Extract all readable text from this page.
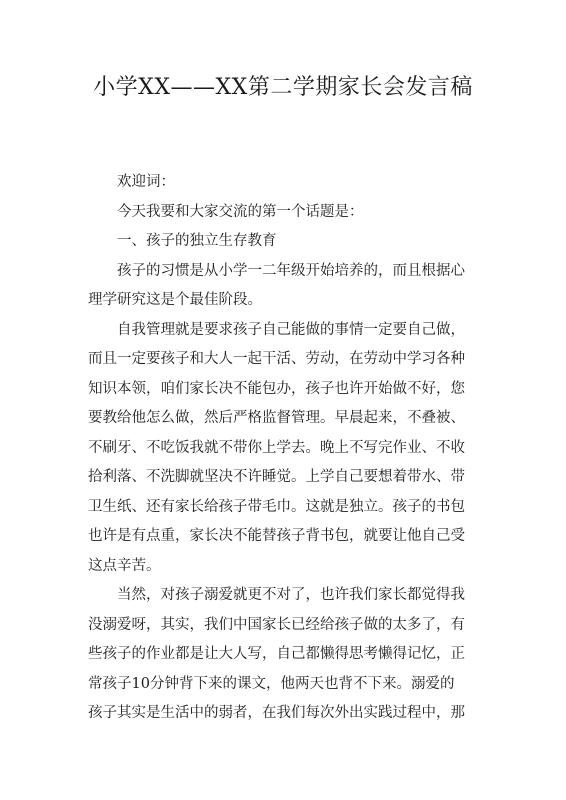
小学XX——XX第二学期家长会发言稿
欢迎词：
今天我要和大家交流的第一个话题是：
一、孩子的独立生存教育
孩子的习惯是从小学一二年级开始培养的，而且根据心
理学研究这是个最佳阶段。
自我管理就是要求孩子自己能做的事情一定要自己做，
而且一定要孩子和大人一起干活、劳动，在劳动中学习各种
知识本领，咱们家长决不能包办，孩子也许开始做不好，您
要教给他怎么做，然后严格监督管理。早晨起来，不叠被、
不刷牙、不吃饭我就不带你上学去。晚上不写完作业、不收
拾利落、不洗脚就坚决不许睡觉。上学自己要想着带水、带
卫生纸、还有家长给孩子带毛巾。这就是独立。孩子的书包
也许是有点重，家长决不能替孩子背书包，就要让他自己受
这点辛苦。
当然，对孩子溺爱就更不对了，也许我们家长都觉得我
没溺爱呀，其实，我们中国家长已经给孩子做的太多了，有
些孩子的作业都是让大人写，自己都懒得思考懒得记忆，正
常孩子10分钟背下来的课文，他两天也背不下来。溺爱的
孩子其实是生活中的弱者，在我们每次外出实践过程中，那
